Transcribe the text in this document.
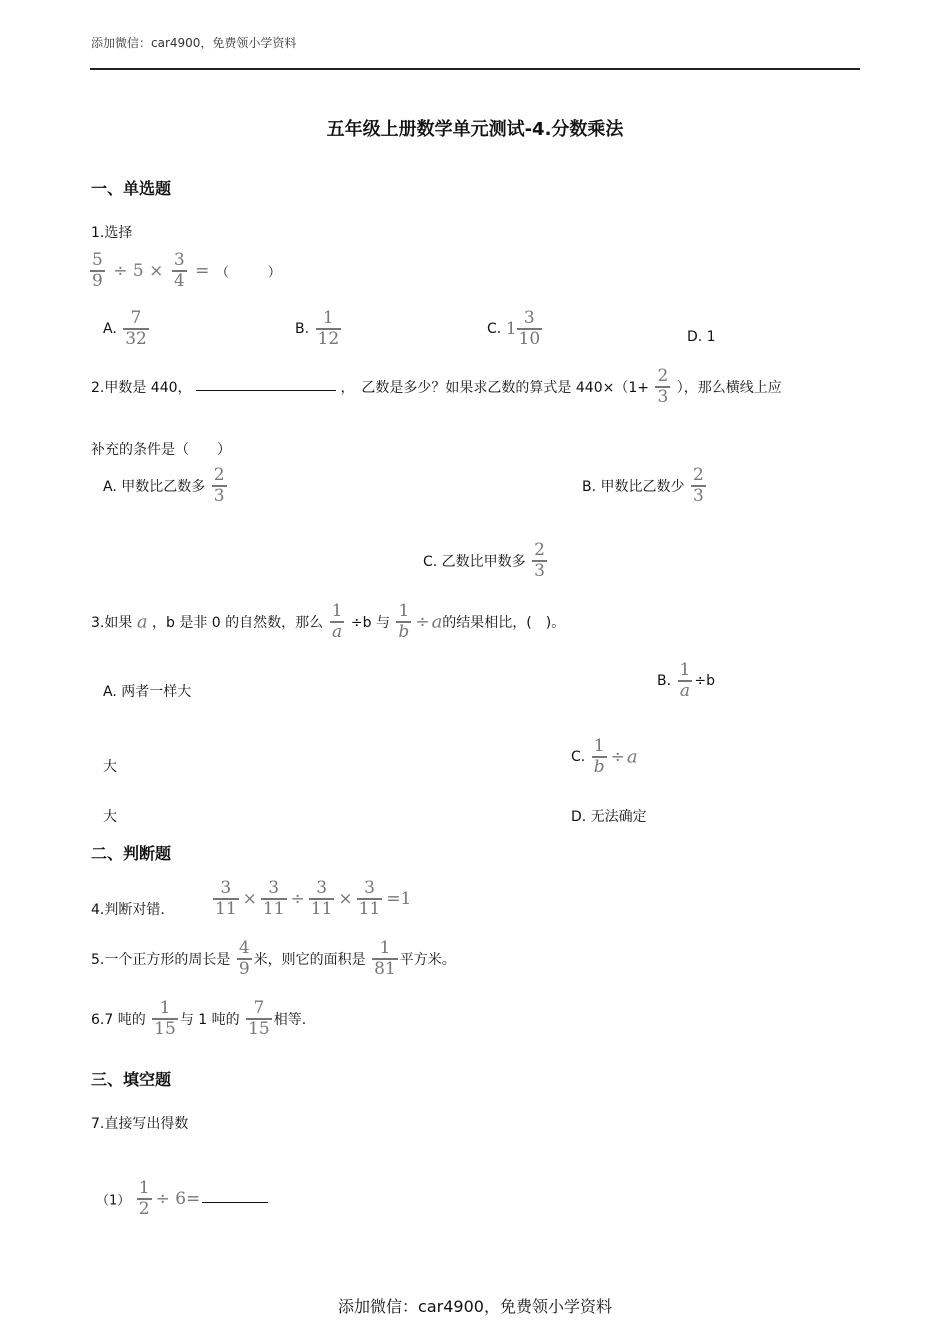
添加微信：car4900，免费领小学资料
五年级上册数学单元测试-4.分数乘法
一、单选题
1.选择
$\frac{5}{9} \div 5 \times \frac{3}{4}$ = （　　　）
A. $\frac{7}{32}$	B. $\frac{1}{12}$	C. $1 \frac{3}{10}$	D. 1
2.甲数是 440，	，　乙数是多少？如果求乙数的算式是 $440\times(1+ \frac{2}{3}$ ），那么横线上应
补充的条件是（　　）
A. 甲数比乙数多 $\frac{2}{3}$	B. 甲数比乙数少 $\frac{2}{3}$
C. 乙数比甲数多 $\frac{2}{3}$
3.如果 a ，b 是非 0 的自然数，那么 $\frac{1}{a} \div b$ 与 $\frac{1}{b} \div a$的结果相比，(　)。
A. 两者一样大
B. $\frac{1}{a} \div b$
大
C. $\frac{1}{b} \div a$
大	D. 无法确定
二、判断题
4.判断对错.	$\frac{3}{11} \times \frac{3}{11} \div \frac{3}{11} \times \frac{3}{11} =1$
5.一个正方形的周长是 $\frac{4}{9}$ 米，则它的面积是 $\frac{1}{81}$ 平方米。
6.7 吨的 $\frac{1}{15}$ 与 1 吨的 $\frac{7}{15}$ 相等.
三、填空题
7.直接写出得数
$(1) \frac{1}{2} \div 6=$
添加微信：car4900，免费领小学资料
